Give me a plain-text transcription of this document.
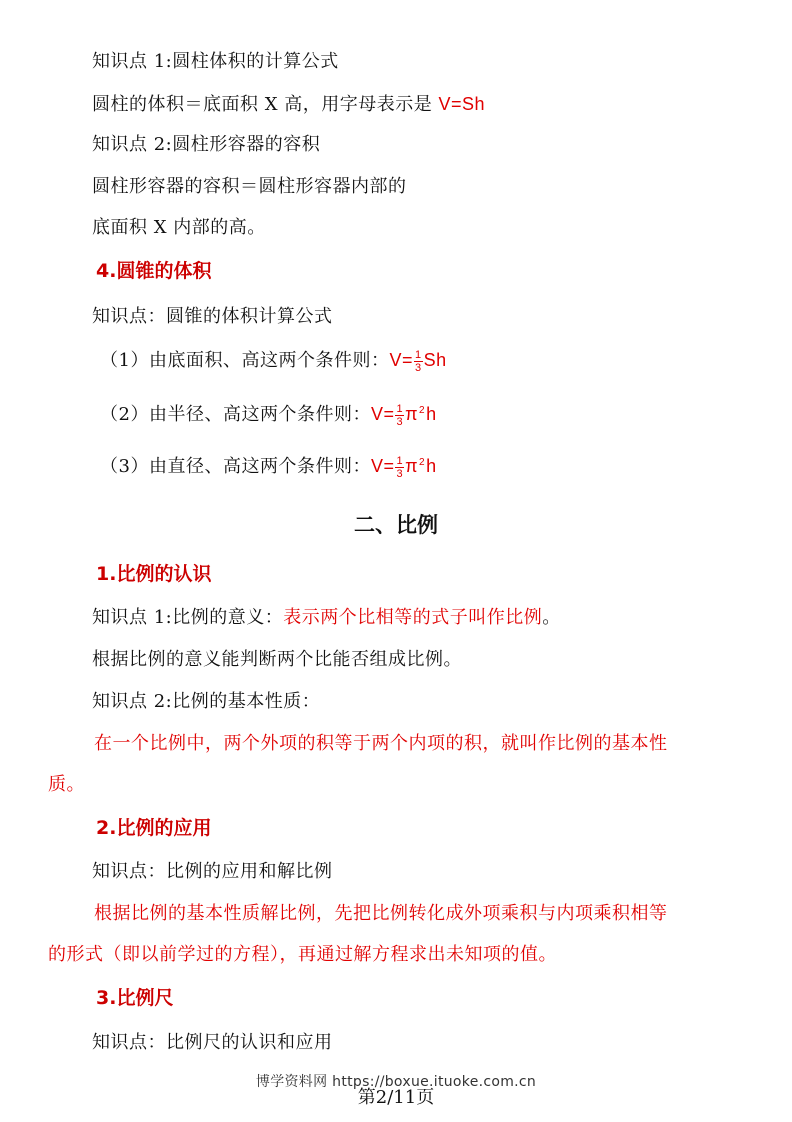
知识点 1:圆柱体积的计算公式
圆柱的体积＝底面积 X 高，用字母表示是 V=Sh
知识点 2:圆柱形容器的容积
圆柱形容器的容积＝圆柱形容器内部的
底面积 X 内部的高。
4.圆锥的体积
知识点：圆锥的体积计算公式
（1）由底面积、高这两个条件则：$V= \frac{1}{3}$ Sh
（2）由半径、高这两个条件则：$V= \frac{1}{3} \pi^2h$
（3）由直径、高这两个条件则：$V= \frac{1}{3} \pi^2h$
二、比例
1.比例的认识
知识点 1:比例的意义：表示两个比相等的式子叫作比例。
根据比例的意义能判断两个比能否组成比例。
知识点 2:比例的基本性质：
在一个比例中，两个外项的积等于两个内项的积，就叫作比例的基本性
质。
2.比例的应用
知识点：比例的应用和解比例
根据比例的基本性质解比例，先把比例转化成外项乘积与内项乘积相等
的形式（即以前学过的方程），再通过解方程求出未知项的值。
3.比例尺
知识点：比例尺的认识和应用
博学资料网 https://boxue.ituoke.com.cn
第2/11页
